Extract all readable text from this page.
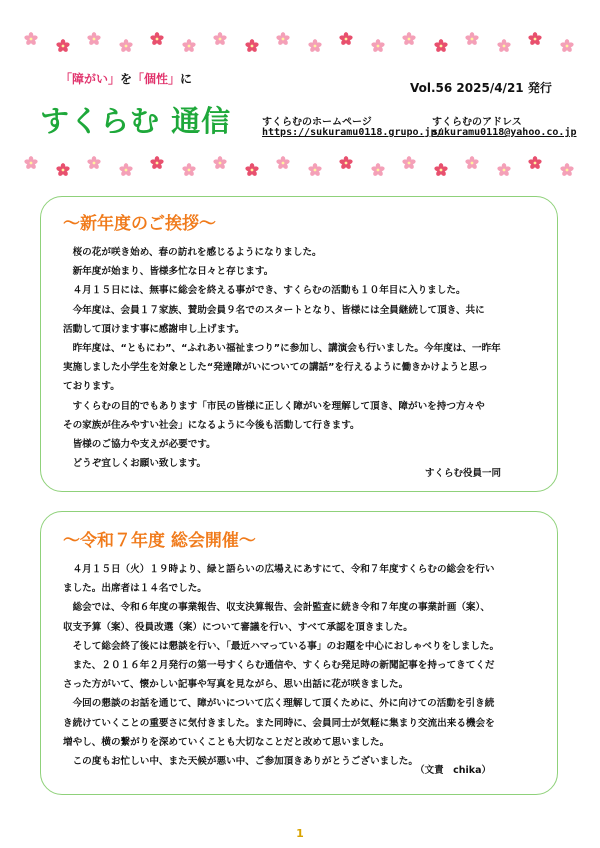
「障がい」を「個性」に
すくらむ 通信
Vol.56 2025/4/21 発行
すくらむのホームページ
https://sukuramu0118.grupo.jp/
すくらむのアドレス
sukuramu0118@yahoo.co.jp
～新年度のご挨拶～

　桜の花が咲き始め、春の訪れを感じるようになりました。

　新年度が始まり、皆様多忙な日々と存じます。

　４月１５日には、無事に総会を終える事ができ、すくらむの活動も１０年目に入りました。

　今年度は、会員１７家族、賛助会員９名でのスタートとなり、皆様には全員継続して頂き、共に

活動して頂けます事に感謝申し上げます。

　昨年度は、“ともにわ”、“ふれあい福祉まつり”に参加し、講演会も行いました。今年度は、一昨年

実施しました小学生を対象とした“発達障がいについての講話”を行えるように働きかけようと思っ

ております。

　すくらむの目的でもあります「市民の皆様に正しく障がいを理解して頂き、障がいを持つ方々や

その家族が住みやすい社会」になるように今後も活動して行きます。

　皆様のご協力や支えが必要です。

　どうぞ宜しくお願い致します。

すくらむ役員一同
～令和７年度 総会開催～

　４月１５日（火）１９時より、緑と語らいの広場えにあすにて、令和７年度すくらむの総会を行い

ました。出席者は１４名でした。

　総会では、令和６年度の事業報告、収支決算報告、会計監査に続き令和７年度の事業計画（案）、

収支予算（案）、役員改選（案）について審議を行い、すべて承認を頂きました。

　そして総会終了後には懇談を行い、「最近ハマっている事」のお題を中心におしゃべりをしました。

　また、２０１６年２月発行の第一号すくらむ通信や、すくらむ発足時の新聞記事を持ってきてくだ

さった方がいて、懐かしい記事や写真を見ながら、思い出話に花が咲きました。

　今回の懇談のお話を通じて、障がいについて広く理解して頂くために、外に向けての活動を引き続

き続けていくことの重要さに気付きました。また同時に、会員同士が気軽に集まり交流出来る機会を

増やし、横の繋がりを深めていくことも大切なことだと改めて思いました。

　この度もお忙しい中、また天候が悪い中、ご参加頂きありがとうございました。

（文責　chika）
1
